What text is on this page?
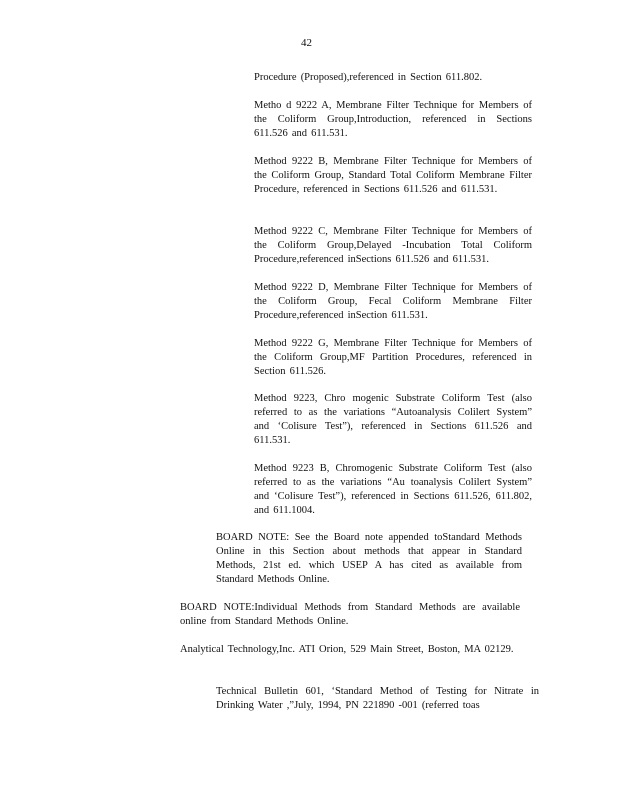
42

Procedure (Proposed),referenced in Section 611.802.

Metho d 9222 A, Membrane Filter Technique for Members of the Coliform Group,Introduction, referenced in Sections 611.526 and 611.531.

Method 9222 B, Membrane Filter Technique for Members of the Coliform Group, Standard Total Coliform Membrane Filter Procedure, referenced in Sections 611.526 and 611.531.

Method 9222 C, Membrane Filter Technique for Members of the Coliform Group,Delayed -Incubation Total Coliform Procedure,referenced inSections 611.526 and 611.531.

Method 9222 D, Membrane Filter Technique for Members of the Coliform Group, Fecal Coliform Membrane Filter Procedure,referenced inSection 611.531.

Method 9222 G, Membrane Filter Technique for Members of the Coliform Group,MF Partition Procedures, referenced in Section 611.526.

Method 9223, Chro mogenic Substrate Coliform Test (also referred to as the variations “Autoanalysis Colilert System” and ‘Colisure Test”), referenced in Sections 611.526 and 611.531.

Method 9223 B, Chromogenic Substrate Coliform Test (also referred to as the variations “Au toanalysis Colilert System” and ‘Colisure Test”), referenced in Sections 611.526, 611.802, and 611.1004.

BOARD NOTE: See the Board note appended toStandard Methods Online in this Section about methods that appear in Standard Methods, 21st ed. which USEP A has cited as available from Standard Methods Online.

BOARD NOTE:Individual Methods from Standard Methods are available online from Standard Methods Online.

Analytical Technology,Inc. ATI Orion, 529 Main Street, Boston, MA 02129.

Technical Bulletin 601, ‘Standard Method of Testing for Nitrate in Drinking Water ,”July, 1994, PN 221890 -001 (referred toas
